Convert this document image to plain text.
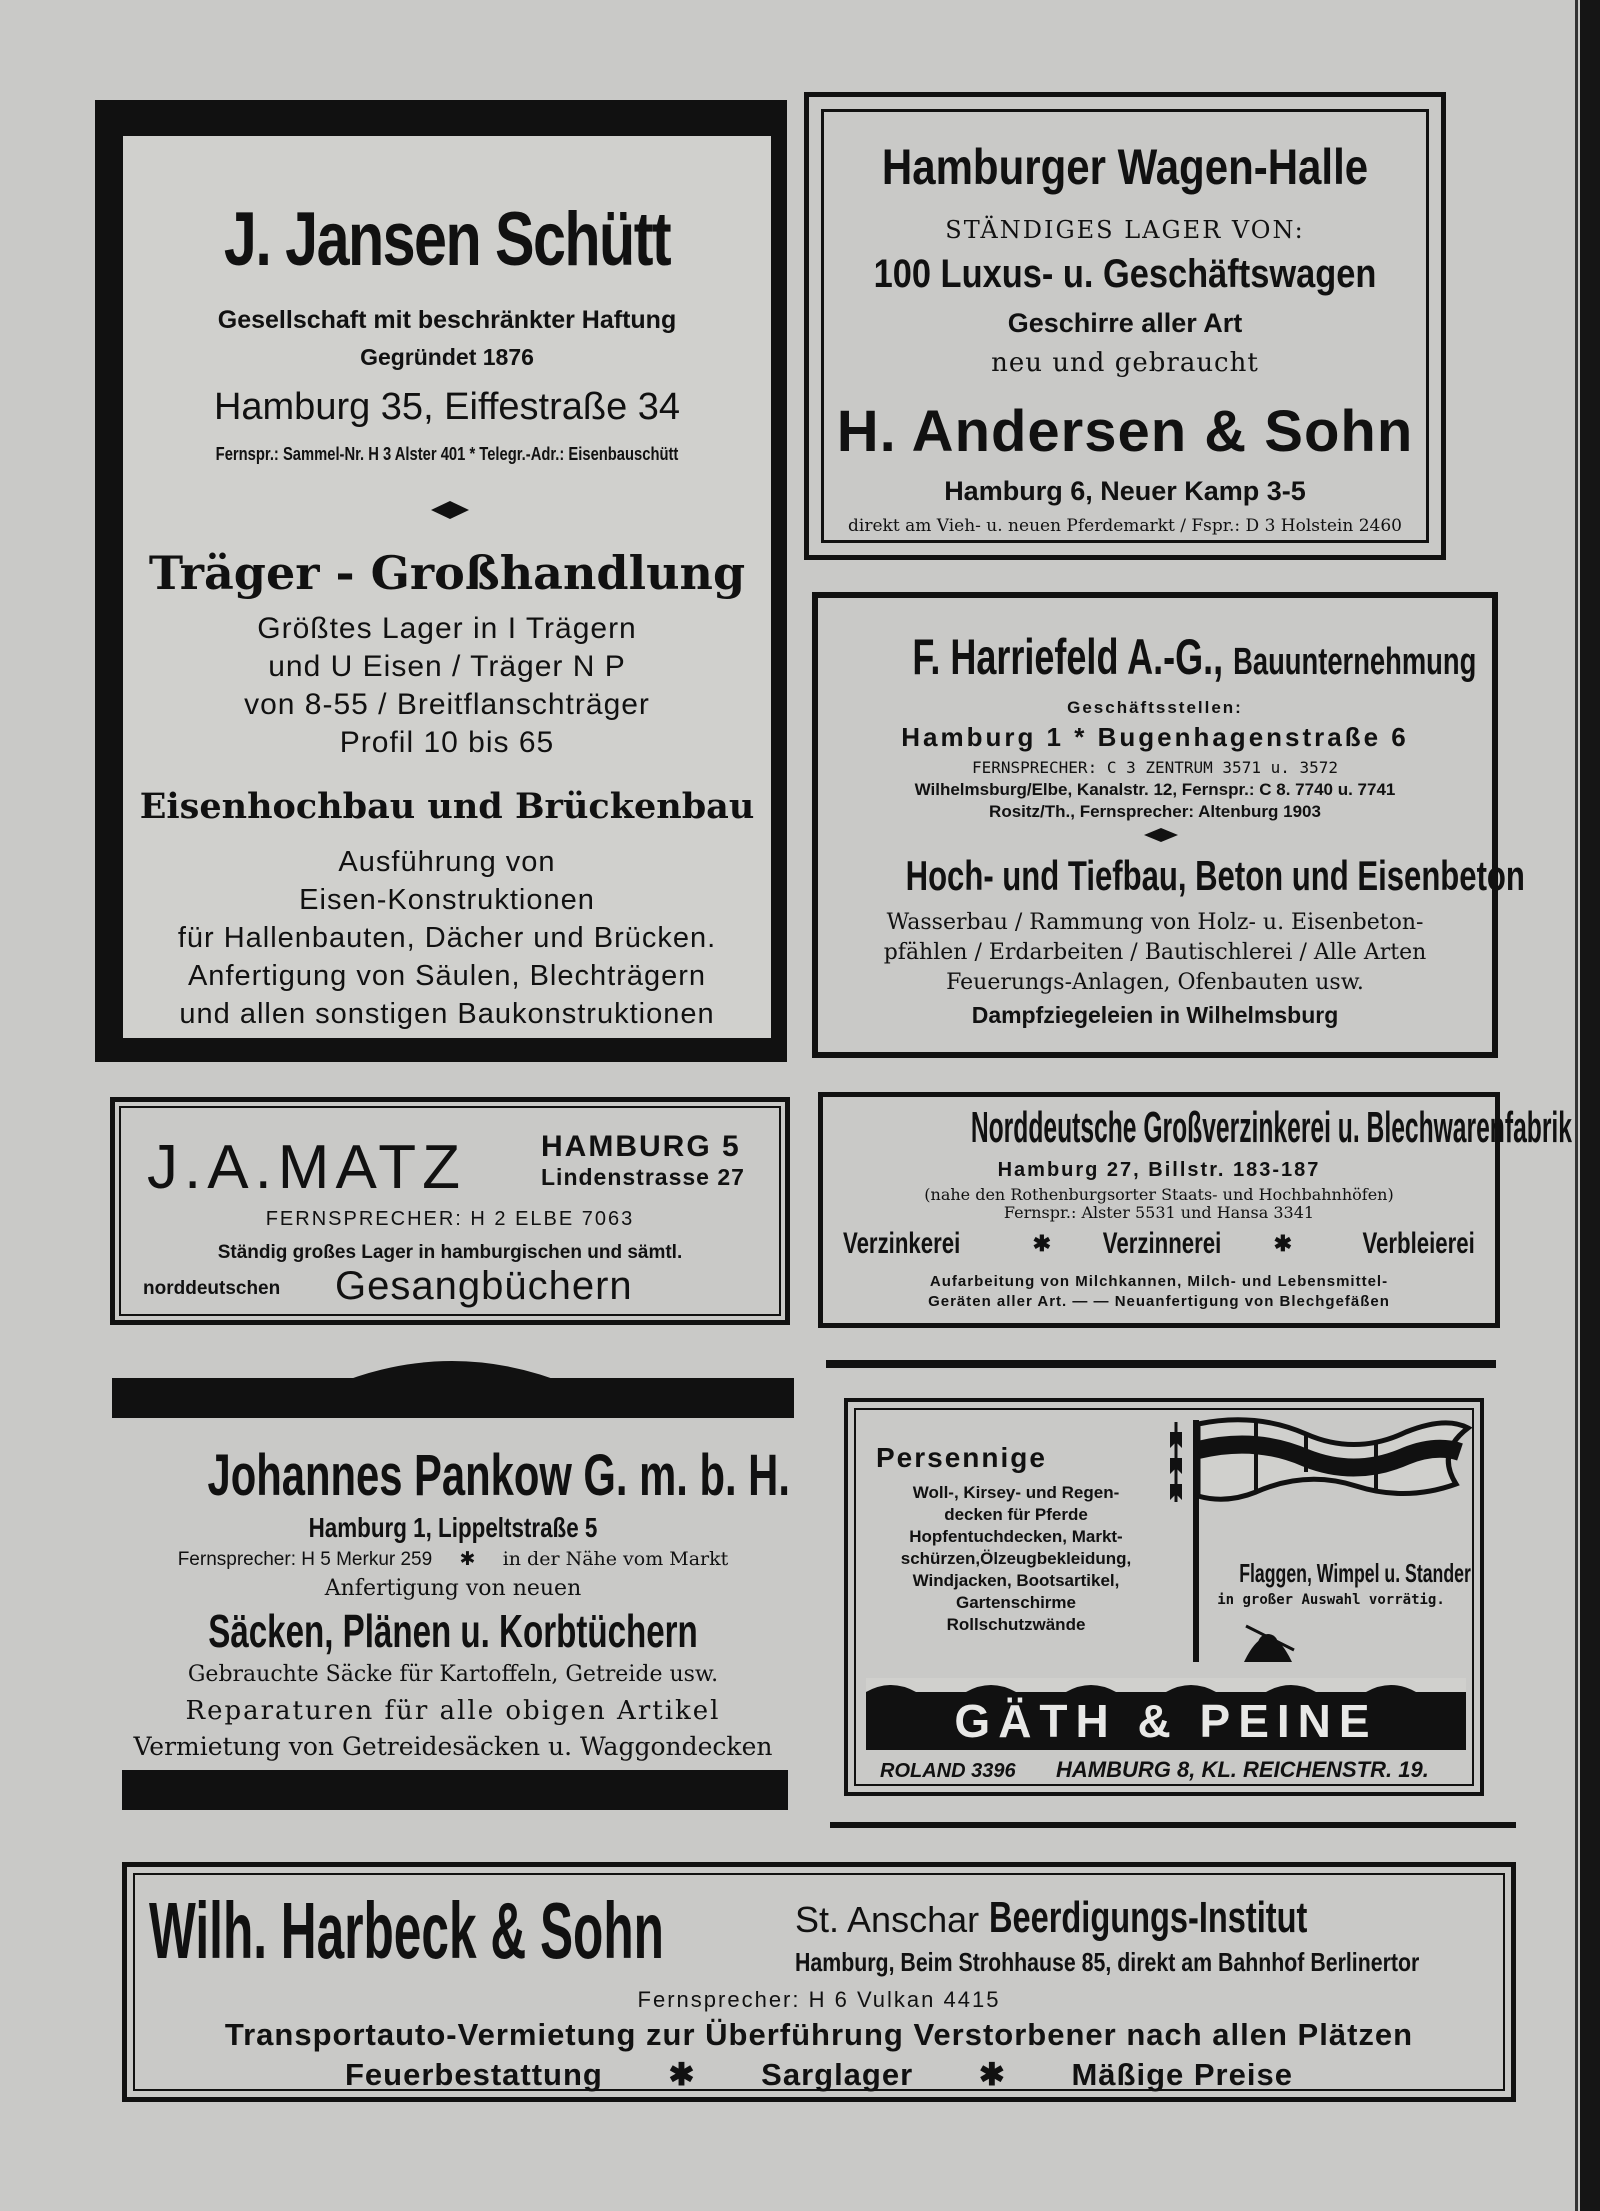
J. Jansen Schütt
Gesellschaft mit beschränkter Haftung
Gegründet 1876
Hamburg 35, Eiffestraße 34
Fernspr.: Sammel-Nr. H 3 Alster 401 * Telegr.-Adr.: Eisenbauschütt
Träger - Großhandlung
Größtes Lager in I Trägern
und U Eisen / Träger N P
von 8-55 / Breitflanschträger
Profil 10 bis 65
Eisenhochbau und Brückenbau
Ausführung von
Eisen-Konstruktionen
für Hallenbauten, Dächer und Brücken.
Anfertigung von Säulen, Blechträgern
und allen sonstigen Baukonstruktionen
Hamburger Wagen-Halle
STÄNDIGES LAGER VON:
100 Luxus- u. Geschäftswagen
Geschirre aller Art
neu und gebraucht
H. Andersen & Sohn
Hamburg 6, Neuer Kamp 3-5
direkt am Vieh- u. neuen Pferdemarkt / Fspr.: D 3 Holstein 2460
F. Harriefeld A.-G., Bauunternehmung
Geschäftsstellen:
Hamburg 1 * Bugenhagenstraße 6
FERNSPRECHER: C 3 ZENTRUM 3571 u. 3572
Wilhelmsburg/Elbe, Kanalstr. 12, Fernspr.: C 8. 7740 u. 7741
Rositz/Th., Fernsprecher: Altenburg 1903
Hoch- und Tiefbau, Beton und Eisenbeton
Wasserbau / Rammung von Holz- u. Eisenbeton-
pfählen / Erdarbeiten / Bautischlerei / Alle Arten
Feuerungs-Anlagen, Ofenbauten usw.
Dampfziegeleien in Wilhelmsburg
J.A.MATZ	HAMBURG 5
Lindenstrasse 27
FERNSPRECHER: H 2 ELBE 7063
Ständig großes Lager in hamburgischen und sämtl.
norddeutschen Gesangbüchern
Norddeutsche Großverzinkerei u. Blechwarenfabrik
Hamburg 27, Billstr. 183-187
(nahe den Rothenburgsorter Staats- und Hochbahnhöfen)
Fernspr.: Alster 5531 und Hansa 3341
Verzinkerei	✱ Verzinnerei ✱ Verbleierei
Aufarbeitung von Milchkannen, Milch- und Lebensmittel-
Geräten aller Art. — — Neuanfertigung von Blechgefäßen
Johannes Pankow G. m. b. H.
Hamburg 1, Lippeltstraße 5
Fernsprecher: H 5 Merkur 259 ✱ in der Nähe vom Markt
Anfertigung von neuen
Säcken, Plänen u. Korbtüchern
Gebrauchte Säcke für Kartoffeln, Getreide usw.
Reparaturen für alle obigen Artikel
Vermietung von Getreidesäcken u. Waggondecken
Persennige
Woll-, Kirsey- und Regen-
decken für Pferde
Hopfentuchdecken, Markt-
schürzen,Ölzeugbekleidung,
Windjacken, Bootsartikel,
Gartenschirme
Rollschutzwände
Flaggen, Wimpel u. Stander
in großer Auswahl vorrätig.
GÄTH & PEINE
ROLAND 3396 HAMBURG 8, KL. REICHENSTR. 19.
Wilh. Harbeck & Sohn	St. Anschar Beerdigungs-Institut
Hamburg, Beim Strohhause 85, direkt am Bahnhof Berlinertor
Fernsprecher: H 6 Vulkan 4415
Transportauto-Vermietung zur Überführung Verstorbener nach allen Plätzen
Feuerbestattung ✱ Sarglager ✱ Mäßige Preise
